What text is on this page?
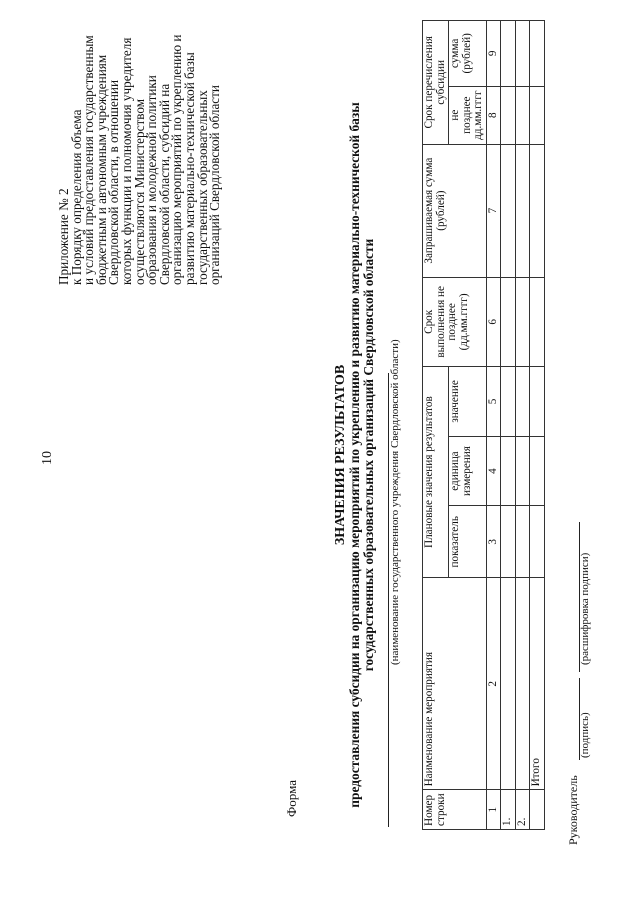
10
Приложение № 2
к Порядку определения объема
и условий предоставления государственным
бюджетным и автономным учреждениям
Свердловской области, в отношении
которых функции и полномочия учредителя
осуществляются Министерством
образования и молодежной политики
Свердловской области, субсидий на
организацию мероприятий по укреплению и
развитию материально-технической базы
государственных образовательных
организаций Свердловской области
Форма
ЗНАЧЕНИЯ РЕЗУЛЬТАТОВ предоставления субсидии на организацию мероприятий по укреплению и развитию материально-технической базы государственных образовательных организаций Свердловской области (наименование государственного учреждения Свердловской области)
Номер строки	Наименование мероприятия	Плановые значения результатов			Срок выполнения не позднее (дд.мм.гггг)	Запрашиваемая сумма (рублей)	Срок перечисления субсидии	
		показатель	единица измерения	значение			не позднее дд.мм.гггг	сумма (рублей)
1	2	3	4	5	6	7	8	9
1.								
2.								
	Итого							
Руководитель
(подпись)
(расшифровка подписи)
